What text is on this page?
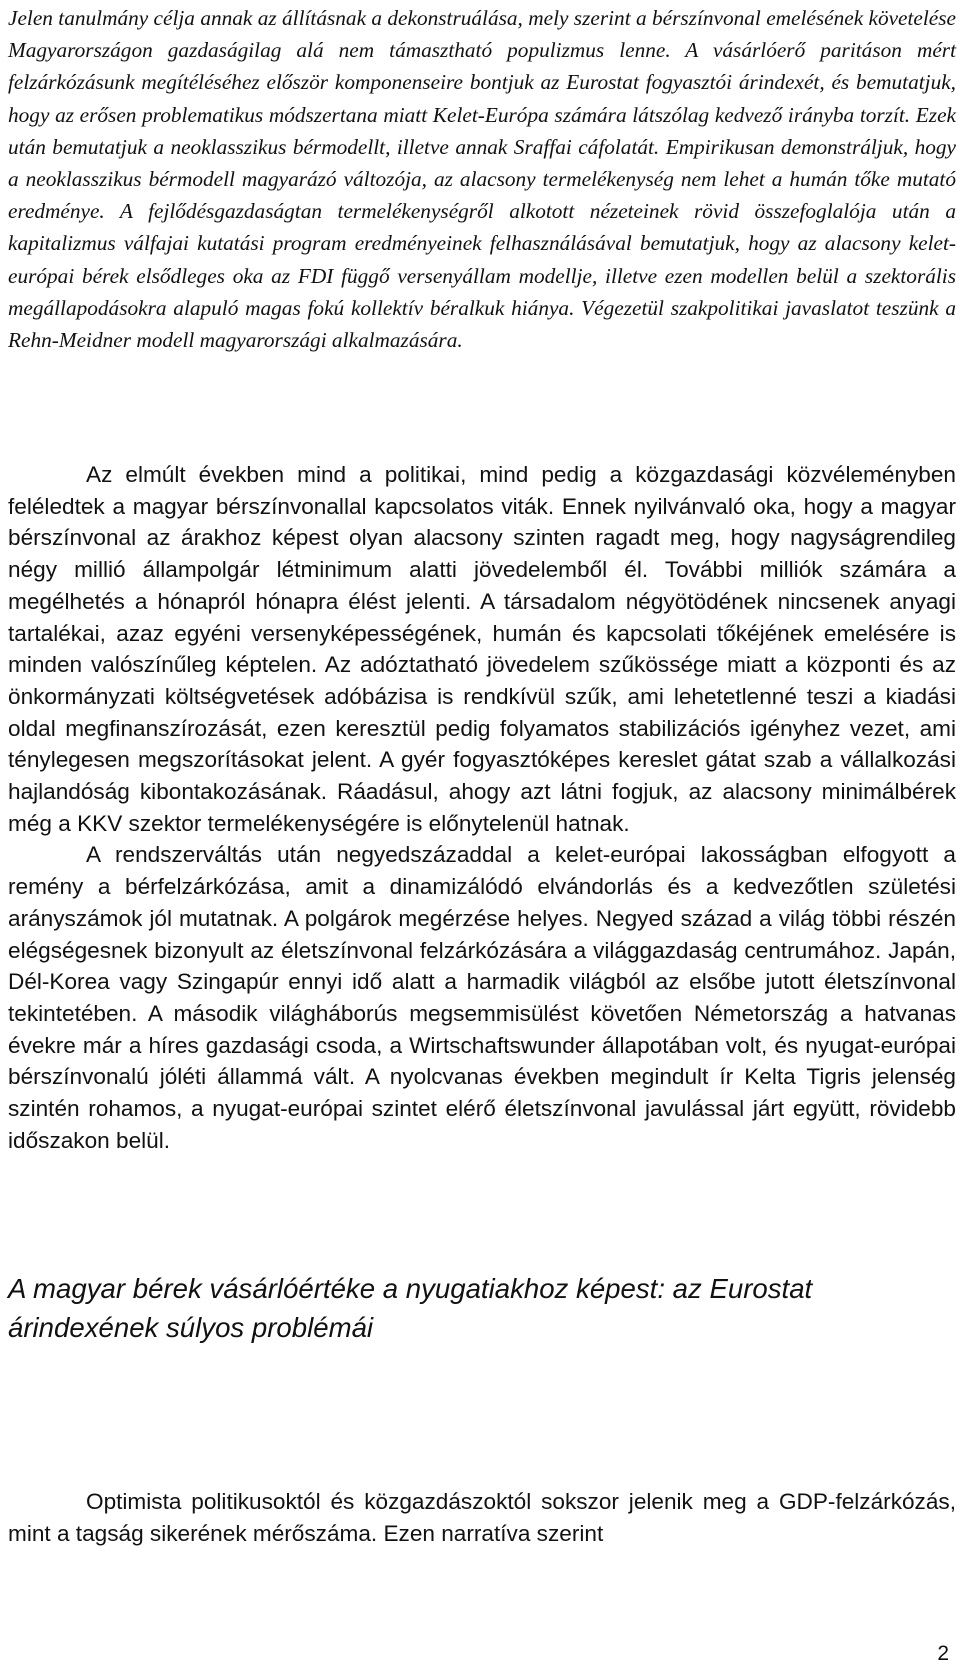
Jelen tanulmány célja annak az állításnak a dekonstruálása, mely szerint a bérszínvonal emelésének követelése Magyarországon gazdaságilag alá nem támasztható populizmus lenne. A vásárlóerő paritáson mért felzárkózásunk megítéléséhez először komponenseire bontjuk az Eurostat fogyasztói árindexét, és bemutatjuk, hogy az erősen problematikus módszertana miatt Kelet-Európa számára látszólag kedvező irányba torzít. Ezek után bemutatjuk a neoklasszikus bérmodellt, illetve annak Sraffai cáfolatát. Empirikusan demonstráljuk, hogy a neoklasszikus bérmodell magyarázó változója, az alacsony termelékenység nem lehet a humán tőke mutató eredménye. A fejlődésgazdaságtan termelékenységről alkotott nézeteinek rövid összefoglalója után a kapitalizmus válfajai kutatási program eredményeinek felhasználásával bemutatjuk, hogy az alacsony kelet-európai bérek elsődleges oka az FDI függő versenyállam modellje, illetve ezen modellen belül a szektorális megállapodásokra alapuló magas fokú kollektív béralkuk hiánya. Végezetül szakpolitikai javaslatot teszünk a Rehn-Meidner modell magyarországi alkalmazására.

Az elmúlt években mind a politikai, mind pedig a közgazdasági közvéleményben feléledtek a magyar bérszínvonallal kapcsolatos viták. Ennek nyilvánvaló oka, hogy a magyar bérszínvonal az árakhoz képest olyan alacsony szinten ragadt meg, hogy nagyságrendileg négy millió állampolgár létminimum alatti jövedelemből él. További milliók számára a megélhetés a hónapról hónapra élést jelenti. A társadalom négyötödének nincsenek anyagi tartalékai, azaz egyéni versenyképességének, humán és kapcsolati tőkéjének emelésére is minden valószínűleg képtelen. Az adóztatható jövedelem szűkössége miatt a központi és az önkormányzati költségvetések adóbázisa is rendkívül szűk, ami lehetetlenné teszi a kiadási oldal megfinanszírozását, ezen keresztül pedig folyamatos stabilizációs igényhez vezet, ami ténylegesen megszorításokat jelent. A gyér fogyasztóképes kereslet gátat szab a vállalkozási hajlandóság kibontakozásának. Ráadásul, ahogy azt látni fogjuk, az alacsony minimálbérek még a KKV szektor termelékenységére is előnytelenül hatnak.

A rendszerváltás után negyedszázaddal a kelet-európai lakosságban elfogyott a remény a bérfelzárkózása, amit a dinamizálódó elvándorlás és a kedvezőtlen születési arányszámok jól mutatnak. A polgárok megérzése helyes. Negyed század a világ többi részén elégségesnek bizonyult az életszínvonal felzárkózására a világgazdaság centrumához. Japán, Dél-Korea vagy Szingapúr ennyi idő alatt a harmadik világból az elsőbe jutott életszínvonal tekintetében. A második világháborús megsemmisülést követően Németország a hatvanas évekre már a híres gazdasági csoda, a Wirtschaftswunder állapotában volt, és nyugat-európai bérszínvonalú jóléti állammá vált. A nyolcvanas években megindult ír Kelta Tigris jelenség szintén rohamos, a nyugat-európai szintet elérő életszínvonal javulással járt együtt, rövidebb időszakon belül.

A magyar bérek vásárlóértéke a nyugatiakhoz képest: az Eurostat árindexének súlyos problémái

Optimista politikusoktól és közgazdászoktól sokszor jelenik meg a GDP-felzárkózás, mint a tagság sikerének mérőszáma. Ezen narratíva szerint

2
